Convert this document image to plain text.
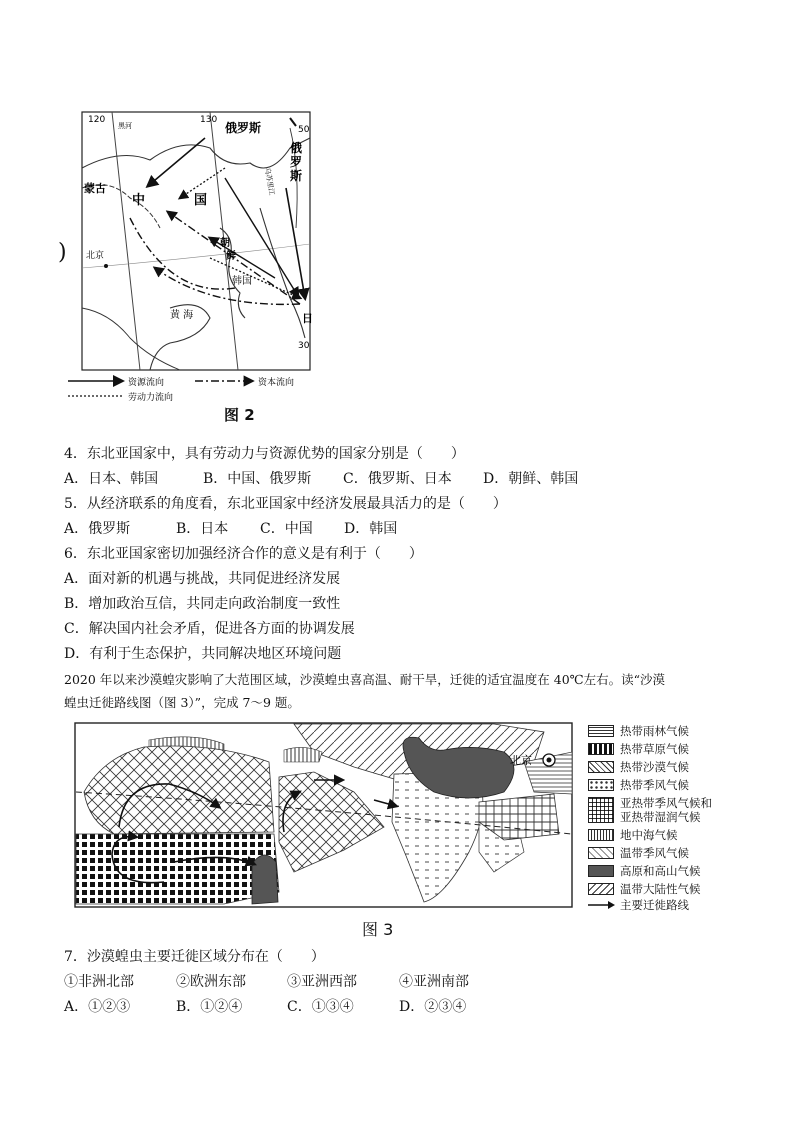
120	130
50
30
黑河
乌苏里江
俄罗斯
俄
罗
斯
蒙古
中	国
北京
朝
鲜
韩国
黄 海	日
资源流向	资本流向
劳动力流向
)
图 2
4．东北亚国家中，具有劳动力与资源优势的国家分别是（　　）
A．日本、韩国	B．中国、俄罗斯 C．俄罗斯、日本 D．朝鲜、韩国
5．从经济联系的角度看，东北亚国家中经济发展最具活力的是（　　）
A．俄罗斯	B．日本 C．中国 D．韩国
6．东北亚国家密切加强经济合作的意义是有利于（　　）
A．面对新的机遇与挑战，共同促进经济发展
B．增加政治互信，共同走向政治制度一致性
C．解决国内社会矛盾，促进各方面的协调发展
D．有利于生态保护，共同解决地区环境问题
2020 年以来沙漠蝗灾影响了大范围区域，沙漠蝗虫喜高温、耐干旱，迁徙的适宜温度在 40℃左右。读“沙漠
蝗虫迁徙路线图（图 3）”，完成 7～9 题。
北京
热带雨林气候
热带草原气候
热带沙漠气候
热带季风气候
亚热带季风气候和
亚热带湿润气候
地中海气候
温带季风气候
高原和高山气候
温带大陆性气候
主要迁徙路线
图 3
7．沙漠蝗虫主要迁徙区域分布在（　　）
①非洲北部	②欧洲东部	③亚洲西部	④亚洲南部
A．①②③	B．①②④	C．①③④	D．②③④
